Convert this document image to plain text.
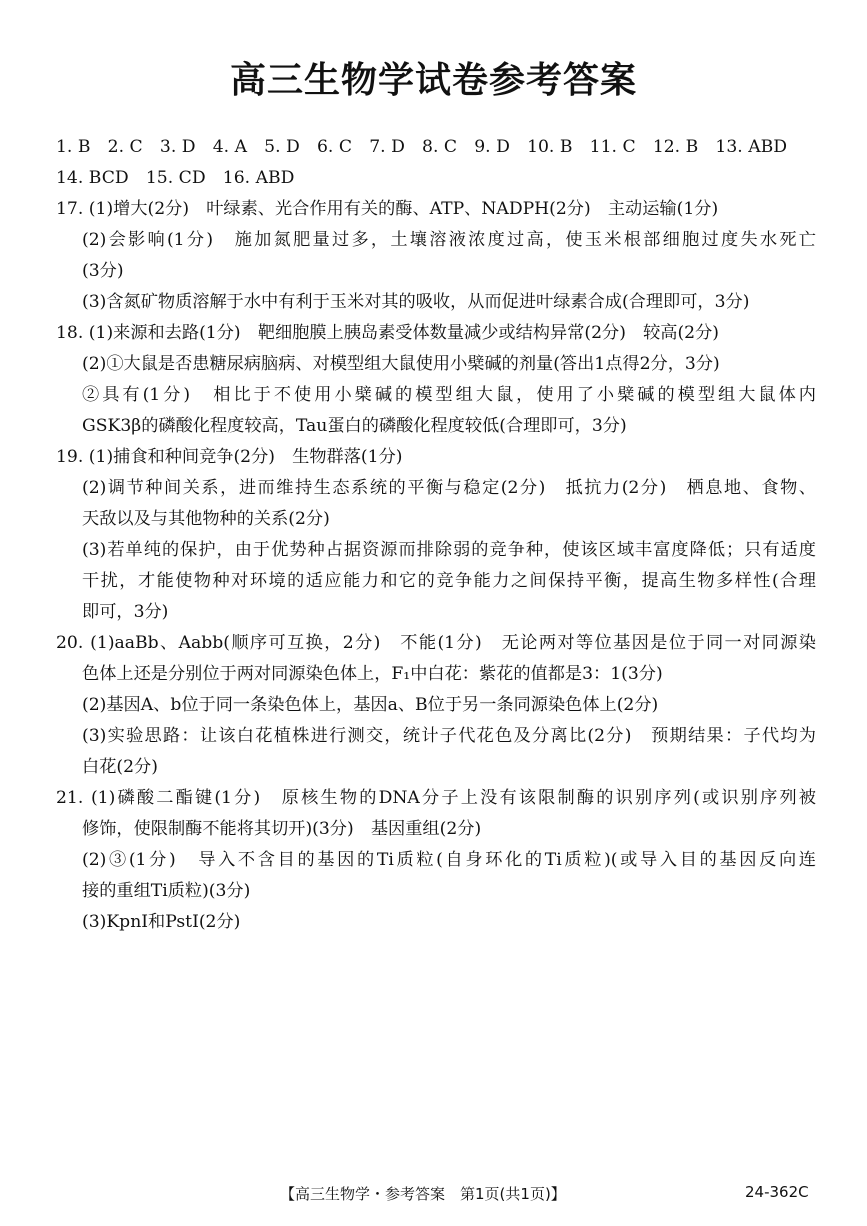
高三生物学试卷参考答案
1. B　2. C　3. D　4. A　5. D　6. C　7. D　8. C　9. D　10. B　11. C　12. B　13. ABD
14. BCD　15. CD　16. ABD
17. (1)增大(2分)　叶绿素、光合作用有关的酶、ATP、NADPH(2分)　主动运输(1分)
(2)会影响(1分)　施加氮肥量过多，土壤溶液浓度过高，使玉米根部细胞过度失水死亡
(3分)
(3)含氮矿物质溶解于水中有利于玉米对其的吸收，从而促进叶绿素合成(合理即可，3分)
18. (1)来源和去路(1分)　靶细胞膜上胰岛素受体数量减少或结构异常(2分)　较高(2分)
(2)①大鼠是否患糖尿病脑病、对模型组大鼠使用小檗碱的剂量(答出1点得2分，3分)
②具有(1分)　相比于不使用小檗碱的模型组大鼠，使用了小檗碱的模型组大鼠体内
GSK3β的磷酸化程度较高，Tau蛋白的磷酸化程度较低(合理即可，3分)
19. (1)捕食和种间竞争(2分)　生物群落(1分)
(2)调节种间关系，进而维持生态系统的平衡与稳定(2分)　抵抗力(2分)　栖息地、食物、
天敌以及与其他物种的关系(2分)
(3)若单纯的保护，由于优势种占据资源而排除弱的竞争种，使该区域丰富度降低；只有适度
干扰，才能使物种对环境的适应能力和它的竞争能力之间保持平衡，提高生物多样性(合理
即可，3分)
20. (1)aaBb、Aabb(顺序可互换，2分)　不能(1分)　无论两对等位基因是位于同一对同源染
色体上还是分别位于两对同源染色体上，F₁中白花：紫花的值都是3：1(3分)
(2)基因A、b位于同一条染色体上，基因a、B位于另一条同源染色体上(2分)
(3)实验思路：让该白花植株进行测交，统计子代花色及分离比(2分)　预期结果：子代均为
白花(2分)
21. (1)磷酸二酯键(1分)　原核生物的DNA分子上没有该限制酶的识别序列(或识别序列被
修饰，使限制酶不能将其切开)(3分)　基因重组(2分)
(2)③(1分)　导入不含目的基因的Ti质粒(自身环化的Ti质粒)(或导入目的基因反向连
接的重组Ti质粒)(3分)
(3)KpnⅠ和PstⅠ(2分)
【高三生物学・参考答案　第1页(共1页)】	24-362C
